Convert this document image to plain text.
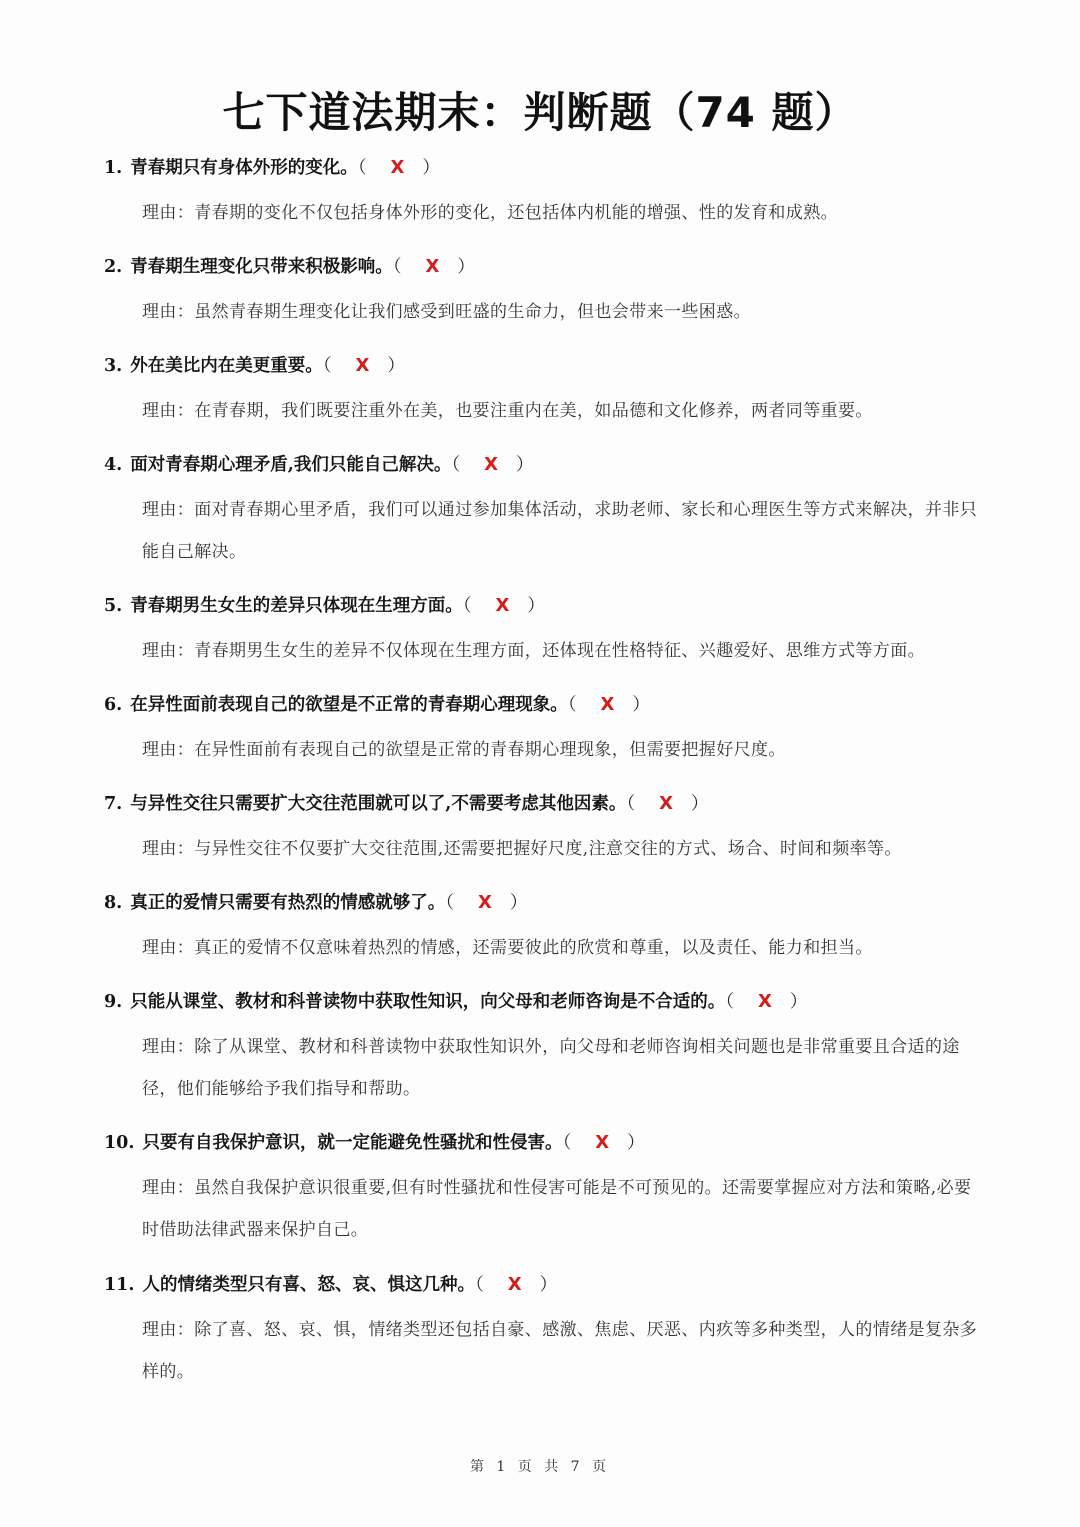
七下道法期末：判断题（74 题）
1. 青春期只有身体外形的变化。（ X ）
理由：青春期的变化不仅包括身体外形的变化，还包括体内机能的增强、性的发育和成熟。
2. 青春期生理变化只带来积极影响。（ X ）
理由：虽然青春期生理变化让我们感受到旺盛的生命力，但也会带来一些困惑。
3. 外在美比内在美更重要。（ X ）
理由：在青春期，我们既要注重外在美，也要注重内在美，如品德和文化修养，两者同等重要。
4. 面对青春期心理矛盾,我们只能自己解决。（ X ）
理由：面对青春期心里矛盾，我们可以通过参加集体活动，求助老师、家长和心理医生等方式来解决，并非只能自己解决。
5. 青春期男生女生的差异只体现在生理方面。（ X ）
理由：青春期男生女生的差异不仅体现在生理方面，还体现在性格特征、兴趣爱好、思维方式等方面。
6. 在异性面前表现自己的欲望是不正常的青春期心理现象。（ X ）
理由：在异性面前有表现自己的欲望是正常的青春期心理现象，但需要把握好尺度。
7. 与异性交往只需要扩大交往范围就可以了,不需要考虑其他因素。（ X ）
理由：与异性交往不仅要扩大交往范围,还需要把握好尺度,注意交往的方式、场合、时间和频率等。
8. 真正的爱情只需要有热烈的情感就够了。（ X ）
理由：真正的爱情不仅意味着热烈的情感，还需要彼此的欣赏和尊重，以及责任、能力和担当。
9. 只能从课堂、教材和科普读物中获取性知识，向父母和老师咨询是不合适的。（ X ）
理由：除了从课堂、教材和科普读物中获取性知识外，向父母和老师咨询相关问题也是非常重要且合适的途径，他们能够给予我们指导和帮助。
10. 只要有自我保护意识，就一定能避免性骚扰和性侵害。（ X ）
理由：虽然自我保护意识很重要,但有时性骚扰和性侵害可能是不可预见的。还需要掌握应对方法和策略,必要时借助法律武器来保护自己。
11. 人的情绪类型只有喜、怒、哀、惧这几种。（ X ）
理由：除了喜、怒、哀、惧，情绪类型还包括自豪、感激、焦虑、厌恶、内疚等多种类型，人的情绪是复杂多样的。
第 1 页 共 7 页
